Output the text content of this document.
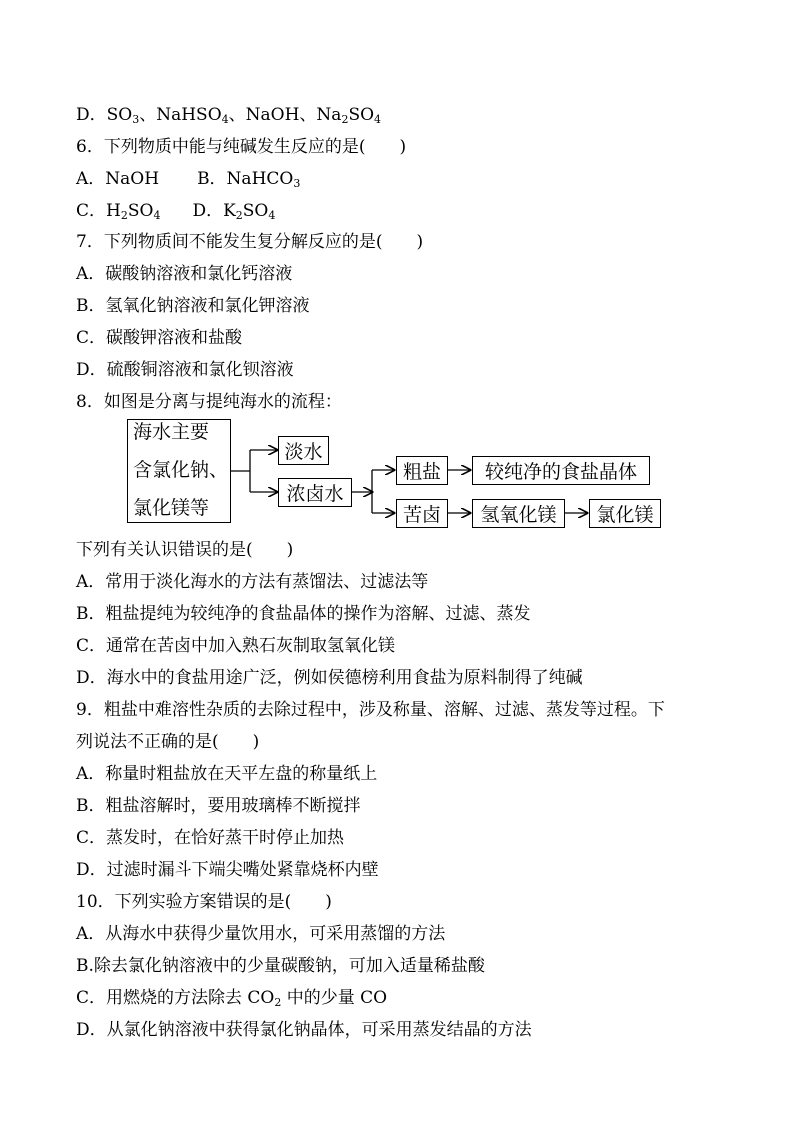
D．$SO_3$、NaHSO$_4$、NaOH、$Na_2SO_4$
6．下列物质中能与纯碱发生反应的是(　　)
A．NaOH B．NaHCO$_3$
C．$H_2SO_4$ D．$K_2SO_4$
7．下列物质间不能发生复分解反应的是(　　)
A．碳酸钠溶液和氯化钙溶液
B．氢氧化钠溶液和氯化钾溶液
C．碳酸钾溶液和盐酸
D．硫酸铜溶液和氯化钡溶液
8．如图是分离与提纯海水的流程：
海水主要
含氯化钠、
氯化镁等
淡水
浓卤水
粗盐	较纯净的食盐晶体
苦卤	氢氧化镁	氯化镁
下列有关认识错误的是(　　)
A．常用于淡化海水的方法有蒸馏法、过滤法等
B．粗盐提纯为较纯净的食盐晶体的操作为溶解、过滤、蒸发
C．通常在苦卤中加入熟石灰制取氢氧化镁
D．海水中的食盐用途广泛，例如侯德榜利用食盐为原料制得了纯碱
9．粗盐中难溶性杂质的去除过程中，涉及称量、溶解、过滤、蒸发等过程。下
列说法不正确的是(　　)
A．称量时粗盐放在天平左盘的称量纸上
B．粗盐溶解时，要用玻璃棒不断搅拌
C．蒸发时，在恰好蒸干时停止加热
D．过滤时漏斗下端尖嘴处紧靠烧杯内壁
10．下列实验方案错误的是(　　)
A．从海水中获得少量饮用水，可采用蒸馏的方法
B.除去氯化钠溶液中的少量碳酸钠，可加入适量稀盐酸
C．用燃烧的方法除去 $CO_2$ 中的少量 CO
D．从氯化钠溶液中获得氯化钠晶体，可采用蒸发结晶的方法
